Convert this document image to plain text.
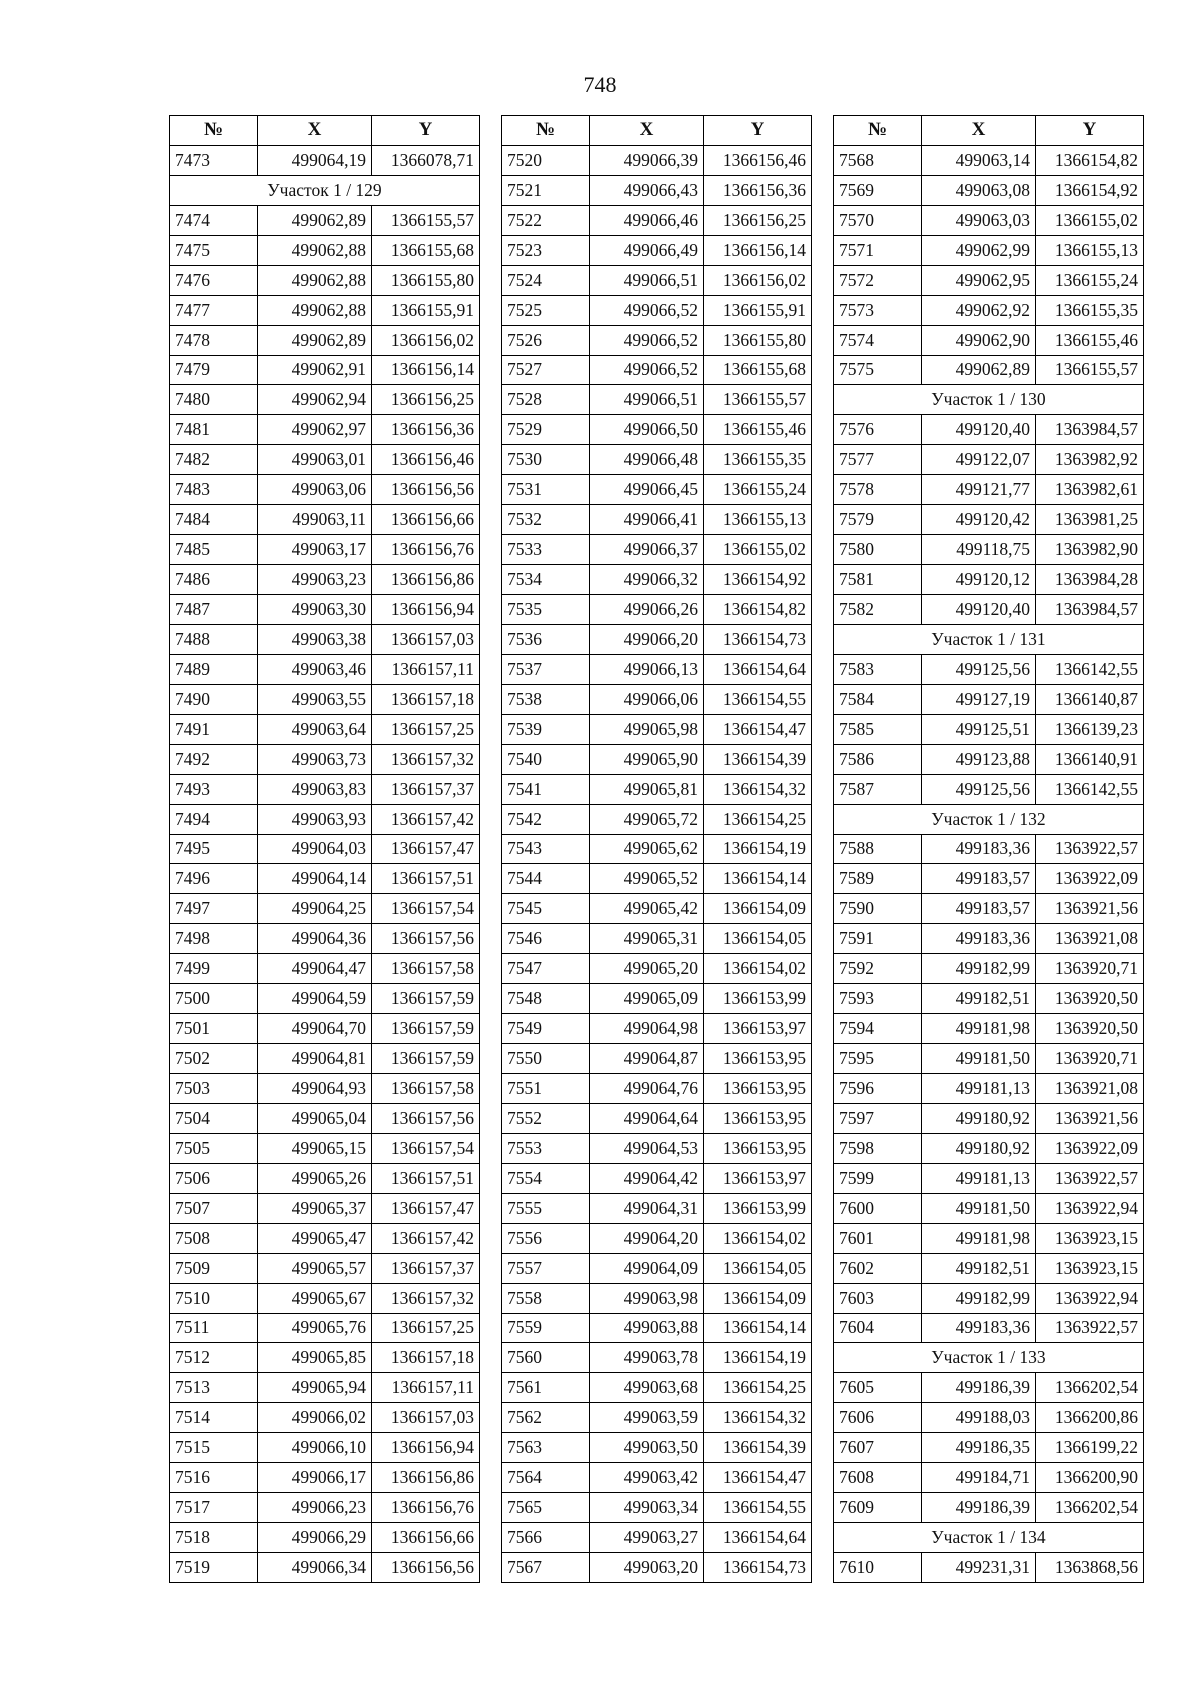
748
№	X	Y
7473	499064,19	1366078,71
Участок 1 / 129		
7474	499062,89	1366155,57
7475	499062,88	1366155,68
7476	499062,88	1366155,80
7477	499062,88	1366155,91
7478	499062,89	1366156,02
7479	499062,91	1366156,14
7480	499062,94	1366156,25
7481	499062,97	1366156,36
7482	499063,01	1366156,46
7483	499063,06	1366156,56
7484	499063,11	1366156,66
7485	499063,17	1366156,76
7486	499063,23	1366156,86
7487	499063,30	1366156,94
7488	499063,38	1366157,03
7489	499063,46	1366157,11
7490	499063,55	1366157,18
7491	499063,64	1366157,25
7492	499063,73	1366157,32
7493	499063,83	1366157,37
7494	499063,93	1366157,42
7495	499064,03	1366157,47
7496	499064,14	1366157,51
7497	499064,25	1366157,54
7498	499064,36	1366157,56
7499	499064,47	1366157,58
7500	499064,59	1366157,59
7501	499064,70	1366157,59
7502	499064,81	1366157,59
7503	499064,93	1366157,58
7504	499065,04	1366157,56
7505	499065,15	1366157,54
7506	499065,26	1366157,51
7507	499065,37	1366157,47
7508	499065,47	1366157,42
7509	499065,57	1366157,37
7510	499065,67	1366157,32
7511	499065,76	1366157,25
7512	499065,85	1366157,18
7513	499065,94	1366157,11
7514	499066,02	1366157,03
7515	499066,10	1366156,94
7516	499066,17	1366156,86
7517	499066,23	1366156,76
7518	499066,29	1366156,66
7519	499066,34	1366156,56
№	X	Y
7520	499066,39	1366156,46
7521	499066,43	1366156,36
7522	499066,46	1366156,25
7523	499066,49	1366156,14
7524	499066,51	1366156,02
7525	499066,52	1366155,91
7526	499066,52	1366155,80
7527	499066,52	1366155,68
7528	499066,51	1366155,57
7529	499066,50	1366155,46
7530	499066,48	1366155,35
7531	499066,45	1366155,24
7532	499066,41	1366155,13
7533	499066,37	1366155,02
7534	499066,32	1366154,92
7535	499066,26	1366154,82
7536	499066,20	1366154,73
7537	499066,13	1366154,64
7538	499066,06	1366154,55
7539	499065,98	1366154,47
7540	499065,90	1366154,39
7541	499065,81	1366154,32
7542	499065,72	1366154,25
7543	499065,62	1366154,19
7544	499065,52	1366154,14
7545	499065,42	1366154,09
7546	499065,31	1366154,05
7547	499065,20	1366154,02
7548	499065,09	1366153,99
7549	499064,98	1366153,97
7550	499064,87	1366153,95
7551	499064,76	1366153,95
7552	499064,64	1366153,95
7553	499064,53	1366153,95
7554	499064,42	1366153,97
7555	499064,31	1366153,99
7556	499064,20	1366154,02
7557	499064,09	1366154,05
7558	499063,98	1366154,09
7559	499063,88	1366154,14
7560	499063,78	1366154,19
7561	499063,68	1366154,25
7562	499063,59	1366154,32
7563	499063,50	1366154,39
7564	499063,42	1366154,47
7565	499063,34	1366154,55
7566	499063,27	1366154,64
7567	499063,20	1366154,73
№	X	Y
7568	499063,14	1366154,82
7569	499063,08	1366154,92
7570	499063,03	1366155,02
7571	499062,99	1366155,13
7572	499062,95	1366155,24
7573	499062,92	1366155,35
7574	499062,90	1366155,46
7575	499062,89	1366155,57
Участок 1 / 130		
7576	499120,40	1363984,57
7577	499122,07	1363982,92
7578	499121,77	1363982,61
7579	499120,42	1363981,25
7580	499118,75	1363982,90
7581	499120,12	1363984,28
7582	499120,40	1363984,57
Участок 1 / 131		
7583	499125,56	1366142,55
7584	499127,19	1366140,87
7585	499125,51	1366139,23
7586	499123,88	1366140,91
7587	499125,56	1366142,55
Участок 1 / 132		
7588	499183,36	1363922,57
7589	499183,57	1363922,09
7590	499183,57	1363921,56
7591	499183,36	1363921,08
7592	499182,99	1363920,71
7593	499182,51	1363920,50
7594	499181,98	1363920,50
7595	499181,50	1363920,71
7596	499181,13	1363921,08
7597	499180,92	1363921,56
7598	499180,92	1363922,09
7599	499181,13	1363922,57
7600	499181,50	1363922,94
7601	499181,98	1363923,15
7602	499182,51	1363923,15
7603	499182,99	1363922,94
7604	499183,36	1363922,57
Участок 1 / 133		
7605	499186,39	1366202,54
7606	499188,03	1366200,86
7607	499186,35	1366199,22
7608	499184,71	1366200,90
7609	499186,39	1366202,54
Участок 1 / 134		
7610	499231,31	1363868,56
